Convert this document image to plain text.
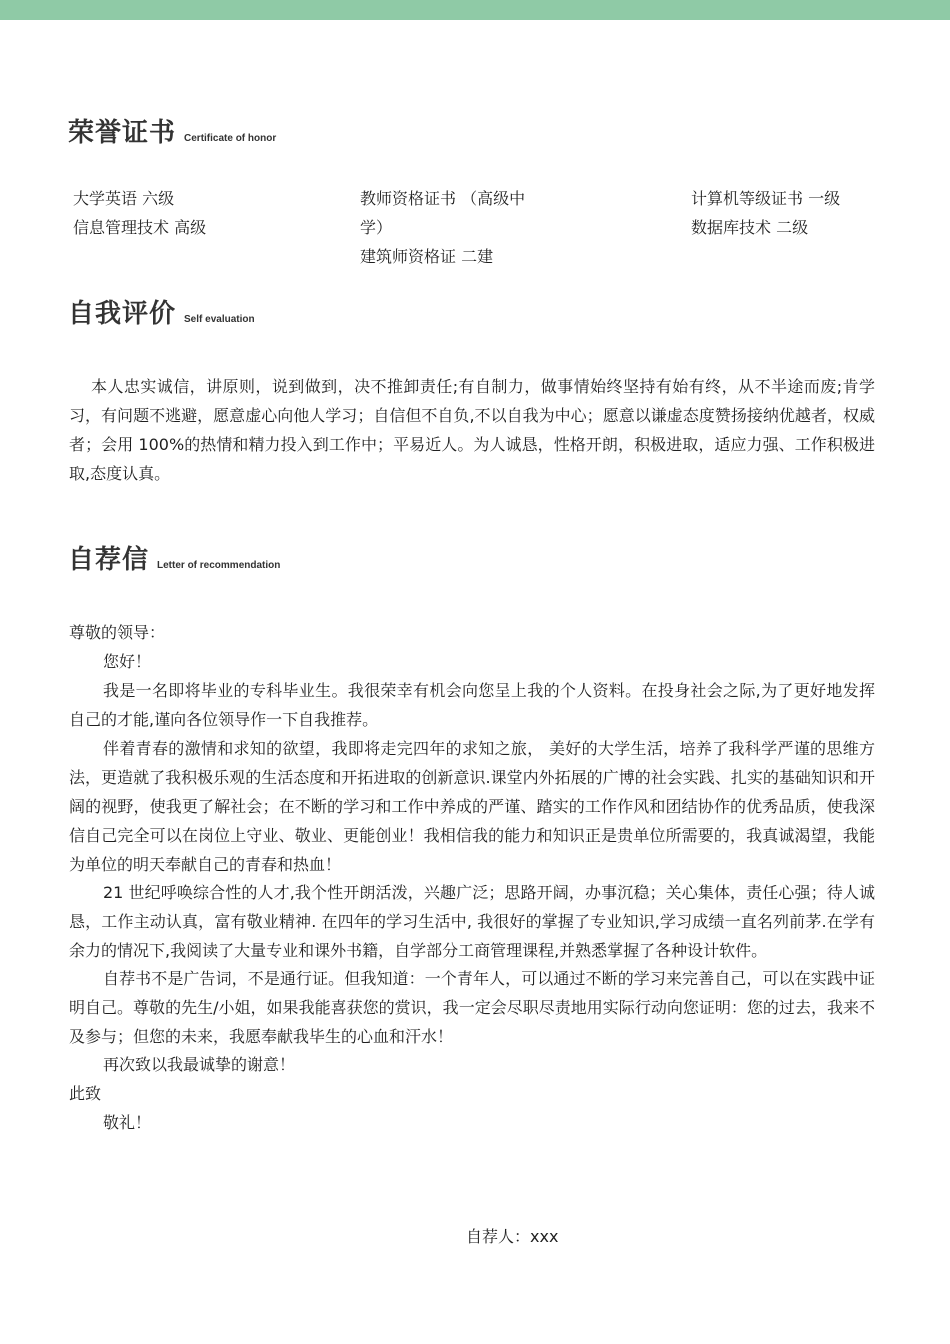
荣誉证书 Certificate of honor
大学英语 六级
信息管理技术 高级
教师资格证书 （高级中
学）
建筑师资格证 二建
计算机等级证书 一级
数据库技术 二级
自我评价 Self evaluation
本人忠实诚信，讲原则，说到做到，决不推卸责任;有自制力，做事情始终坚持有始有终，从不半途而废;肯学习，有问题不逃避，愿意虚心向他人学习；自信但不自负,不以自我为中心；愿意以谦虚态度赞扬接纳优越者，权威者；会用 100%的热情和精力投入到工作中；平易近人。为人诚恳，性格开朗，积极进取，适应力强、工作积极进取,态度认真。
自荐信 Letter of recommendation
尊敬的领导：
您好！
我是一名即将毕业的专科毕业生。我很荣幸有机会向您呈上我的个人资料。在投身社会之际,为了更好地发挥自己的才能,谨向各位领导作一下自我推荐。
伴着青春的激情和求知的欲望，我即将走完四年的求知之旅， 美好的大学生活，培养了我科学严谨的思维方法，更造就了我积极乐观的生活态度和开拓进取的创新意识.课堂内外拓展的广博的社会实践、扎实的基础知识和开阔的视野，使我更了解社会；在不断的学习和工作中养成的严谨、踏实的工作作风和团结协作的优秀品质，使我深信自己完全可以在岗位上守业、敬业、更能创业！我相信我的能力和知识正是贵单位所需要的，我真诚渴望，我能为单位的明天奉献自己的青春和热血！
21 世纪呼唤综合性的人才,我个性开朗活泼，兴趣广泛；思路开阔，办事沉稳；关心集体，责任心强；待人诚恳，工作主动认真，富有敬业精神. 在四年的学习生活中, 我很好的掌握了专业知识,学习成绩一直名列前茅.在学有余力的情况下,我阅读了大量专业和课外书籍，自学部分工商管理课程,并熟悉掌握了各种设计软件。
自荐书不是广告词，不是通行证。但我知道：一个青年人，可以通过不断的学习来完善自己，可以在实践中证明自己。尊敬的先生/小姐，如果我能喜获您的赏识，我一定会尽职尽责地用实际行动向您证明：您的过去，我来不及参与；但您的未来，我愿奉献我毕生的心血和汗水！
再次致以我最诚挚的谢意！
此致
敬礼！
自荐人：xxx
